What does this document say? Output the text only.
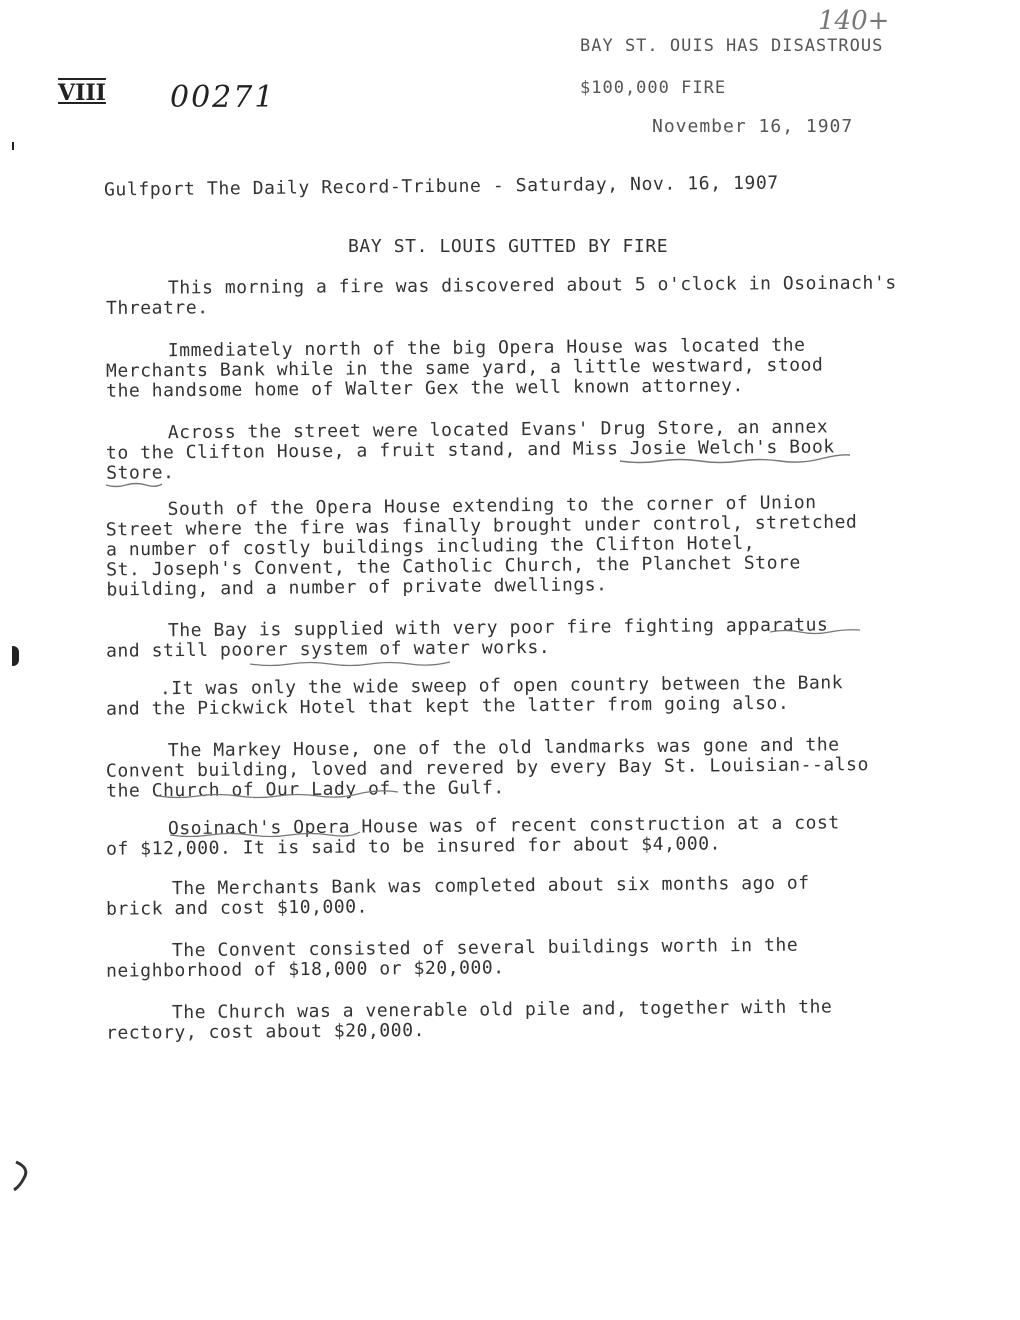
140+
VIII 00271
BAY ST. OUIS HAS DISASTROUS
$100,000 FIRE
November 16, 1907
Gulfport The Daily Record-Tribune - Saturday, Nov. 16, 1907
BAY ST. LOUIS GUTTED BY FIRE
This morning a fire was discovered about 5 o'clock in Osoinach's
Threatre.
Immediately north of the big Opera House was located the
Merchants Bank while in the same yard, a little westward, stood
the handsome home of Walter Gex the well known attorney.
Across the street were located Evans' Drug Store, an annex
to the Clifton House, a fruit stand, and Miss Josie Welch's Book
Store.
South of the Opera House extending to the corner of Union
Street where the fire was finally brought under control, stretched
a number of costly buildings including the Clifton Hotel,
St. Joseph's Convent, the Catholic Church, the Planchet Store
building, and a number of private dwellings.
The Bay is supplied with very poor fire fighting apparatus
and still poorer system of water works.
.It was only the wide sweep of open country between the Bank
and the Pickwick Hotel that kept the latter from going also.
The Markey House, one of the old landmarks was gone and the
Convent building, loved and revered by every Bay St. Louisian--also
the Church of Our Lady of the Gulf.
Osoinach's Opera House was of recent construction at a cost
of $12,000. It is said to be insured for about $4,000.
The Merchants Bank was completed about six months ago of
brick and cost $10,000.
The Convent consisted of several buildings worth in the
neighborhood of $18,000 or $20,000.
The Church was a venerable old pile and, together with the
rectory, cost about $20,000.
